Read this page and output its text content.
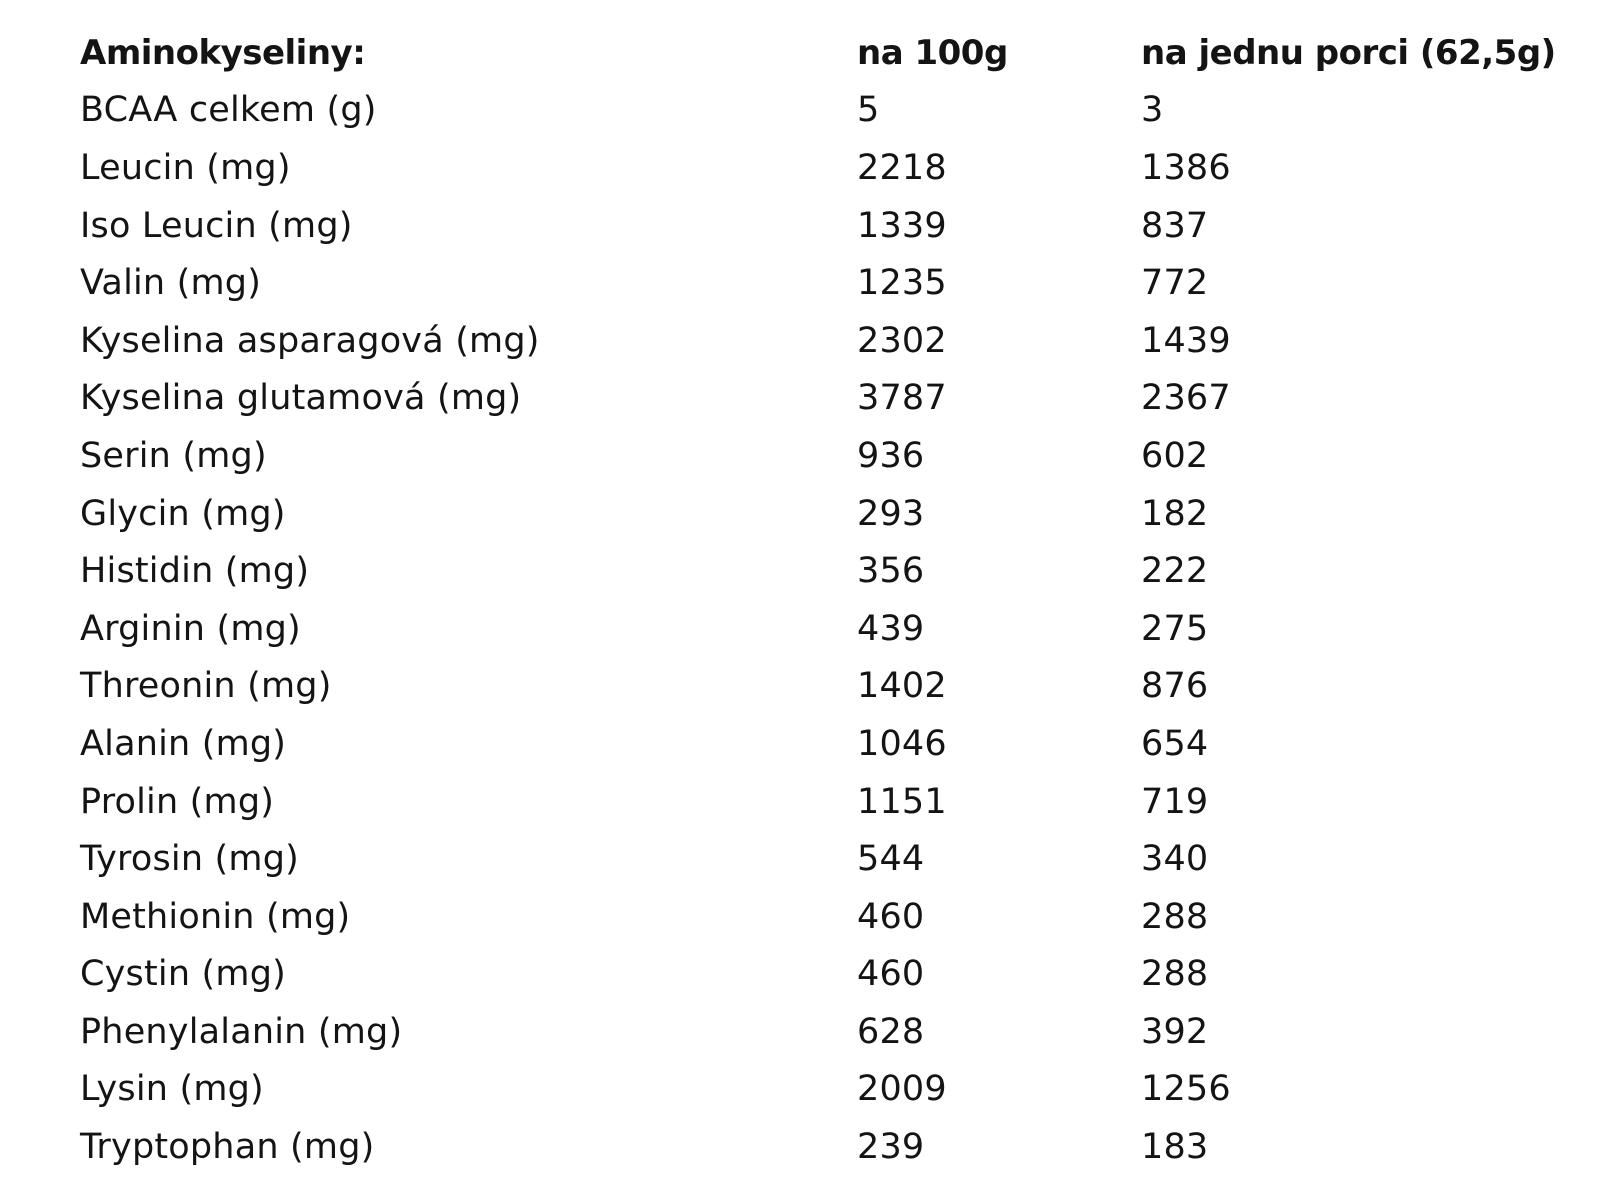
Aminokyseliny:	na 100g	na jednu porci (62,5g)
BCAA celkem (g)	5	3
Leucin (mg)	2218	1386
Iso Leucin (mg)	1339	837
Valin (mg)	1235	772
Kyselina asparagová (mg)	2302	1439
Kyselina glutamová (mg)	3787	2367
Serin (mg)	936	602
Glycin (mg)	293	182
Histidin (mg)	356	222
Arginin (mg)	439	275
Threonin (mg)	1402	876
Alanin (mg)	1046	654
Prolin (mg)	1151	719
Tyrosin (mg)	544	340
Methionin (mg)	460	288
Cystin (mg)	460	288
Phenylalanin (mg)	628	392
Lysin (mg)	2009	1256
Tryptophan (mg)	239	183
